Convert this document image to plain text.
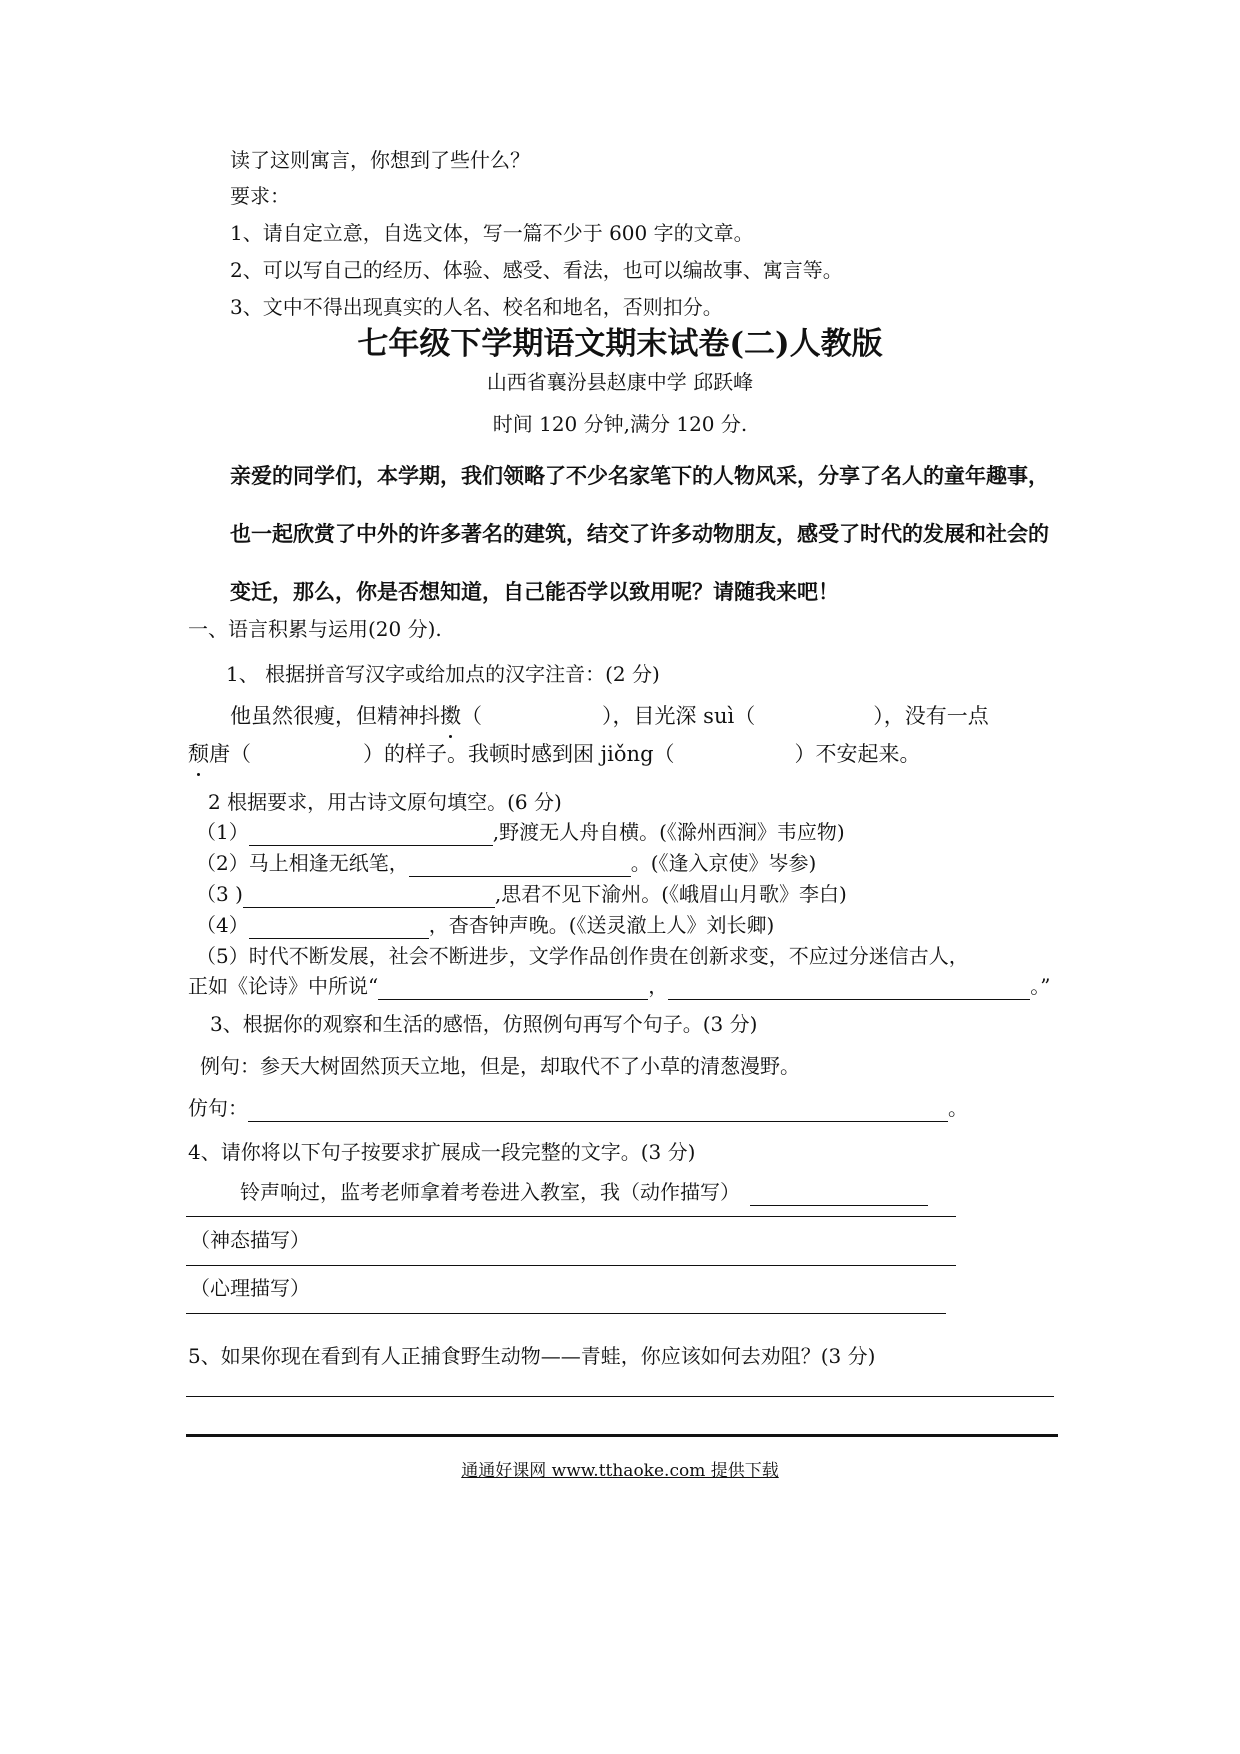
读了这则寓言，你想到了些什么？
要求：
1、请自定立意，自选文体，写一篇不少于 600 字的文章。
2、可以写自己的经历、体验、感受、看法，也可以编故事、寓言等。
3、文中不得出现真实的人名、校名和地名，否则扣分。
七年级下学期语文期末试卷(二)人教版
山西省襄汾县赵康中学 邱跃峰
时间 120 分钟,满分 120 分.
亲爱的同学们，本学期，我们领略了不少名家笔下的人物风采，分享了名人的童年趣事，
也一起欣赏了中外的许多著名的建筑，结交了许多动物朋友，感受了时代的发展和社会的
变迁，那么，你是否想知道，自己能否学以致用呢？请随我来吧！
一、语言积累与运用(20 分).
1、 根据拼音写汉字或给加点的汉字注音：(2 分)
他虽然很瘦，但精神抖擞（	），目光深 suì（	），没有一点
颓唐（	）的样子。我顿时感到困 jiǒng（	）不安起来。
2 根据要求，用古诗文原句填空。(6 分)
（1）	,野渡无人舟自横。(《滁州西涧》韦应物)
（2）马上相逢无纸笔，	。(《逢入京使》岑参)
（3 )	,思君不见下渝州。(《峨眉山月歌》李白)
（4）	，杳杳钟声晚。(《送灵澈上人》刘长卿)
（5）时代不断发展，社会不断进步，文学作品创作贵在创新求变，不应过分迷信古人，
正如《论诗》中所说“	，	。”
3、根据你的观察和生活的感悟，仿照例句再写个句子。(3 分)
例句：参天大树固然顶天立地，但是，却取代不了小草的清葱漫野。
仿句：	。
4、请你将以下句子按要求扩展成一段完整的文字。(3 分)
铃声响过，监考老师拿着考卷进入教室，我（动作描写）
（神态描写）
（心理描写）
5、如果你现在看到有人正捕食野生动物——青蛙，你应该如何去劝阻？(3 分)
通通好课网 www.tthaoke.com 提供下载
